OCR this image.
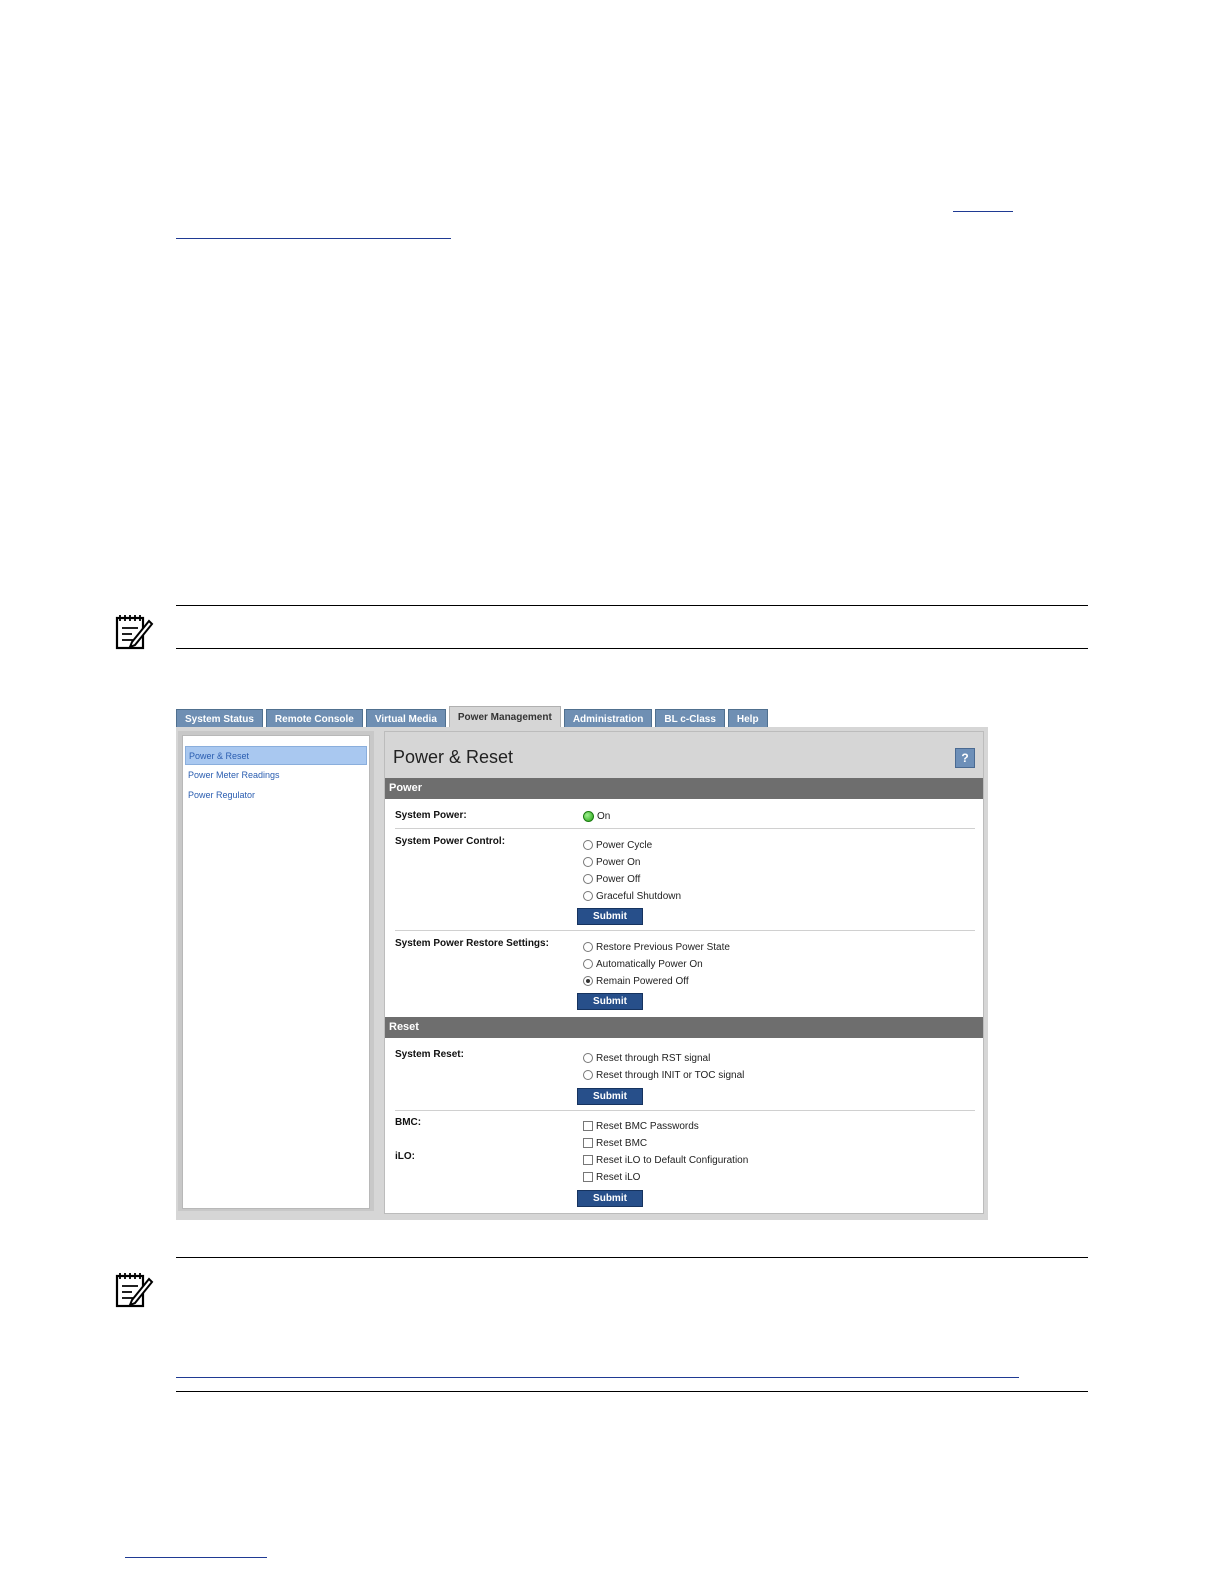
System Status	Remote Console	Virtual Media	Power Management	Administration	BL c-Class	Help
Power & Reset
Power Meter Readings
Power Regulator
Power & Reset	?
Power
System Power:	On
System Power Control:	Power Cycle
Power On
Power Off
Graceful Shutdown
Submit
System Power Restore Settings:	Restore Previous Power State
Automatically Power On
Remain Powered Off
Submit
Reset
System Reset:	Reset through RST signal
Reset through INIT or TOC signal
Submit
BMC:	Reset BMC Passwords
Reset BMC
iLO:	Reset iLO to Default Configuration
Reset iLO
Submit
